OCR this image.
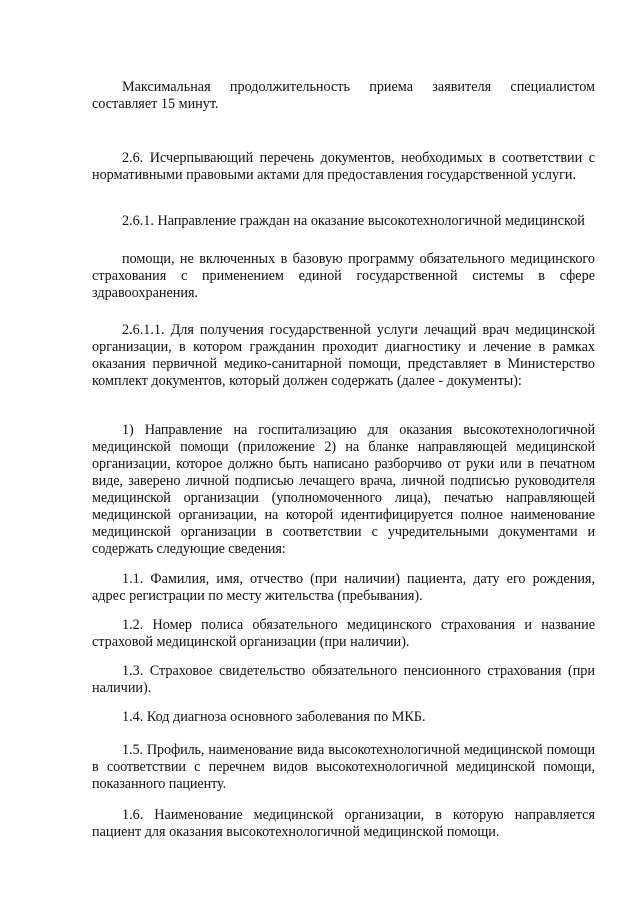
Максимальная продолжительность приема заявителя специалистом составляет 15 минут.

2.6. Исчерпывающий перечень документов, необходимых в соответствии с нормативными правовыми актами для предоставления государственной услуги.

2.6.1. Направление граждан на оказание высокотехнологичной медицинской

помощи, не включенных в базовую программу обязательного медицинского страхования с применением единой государственной системы в сфере здравоохранения.

2.6.1.1. Для получения государственной услуги лечащий врач медицинской организации, в котором гражданин проходит диагностику и лечение в рамках оказания первичной медико-санитарной помощи, представляет в Министерство комплект документов, который должен содержать (далее - документы):

1) Направление на госпитализацию для оказания высокотехнологичной медицинской помощи (приложение 2) на бланке направляющей медицинской организации, которое должно быть написано разборчиво от руки или в печатном виде, заверено личной подписью лечащего врача, личной подписью руководителя медицинской организации (уполномоченного лица), печатью направляющей медицинской организации, на которой идентифицируется полное наименование медицинской организации в соответствии с учредительными документами и содержать следующие сведения:

1.1. Фамилия, имя, отчество (при наличии) пациента, дату его рождения, адрес регистрации по месту жительства (пребывания).

1.2. Номер полиса обязательного медицинского страхования и название страховой медицинской организации (при наличии).

1.3. Страховое свидетельство обязательного пенсионного страхования (при наличии).

1.4. Код диагноза основного заболевания по МКБ.

1.5. Профиль, наименование вида высокотехнологичной медицинской помощи в соответствии с перечнем видов высокотехнологичной медицинской помощи, показанного пациенту.

1.6. Наименование медицинской организации, в которую направляется пациент для оказания высокотехнологичной медицинской помощи.
